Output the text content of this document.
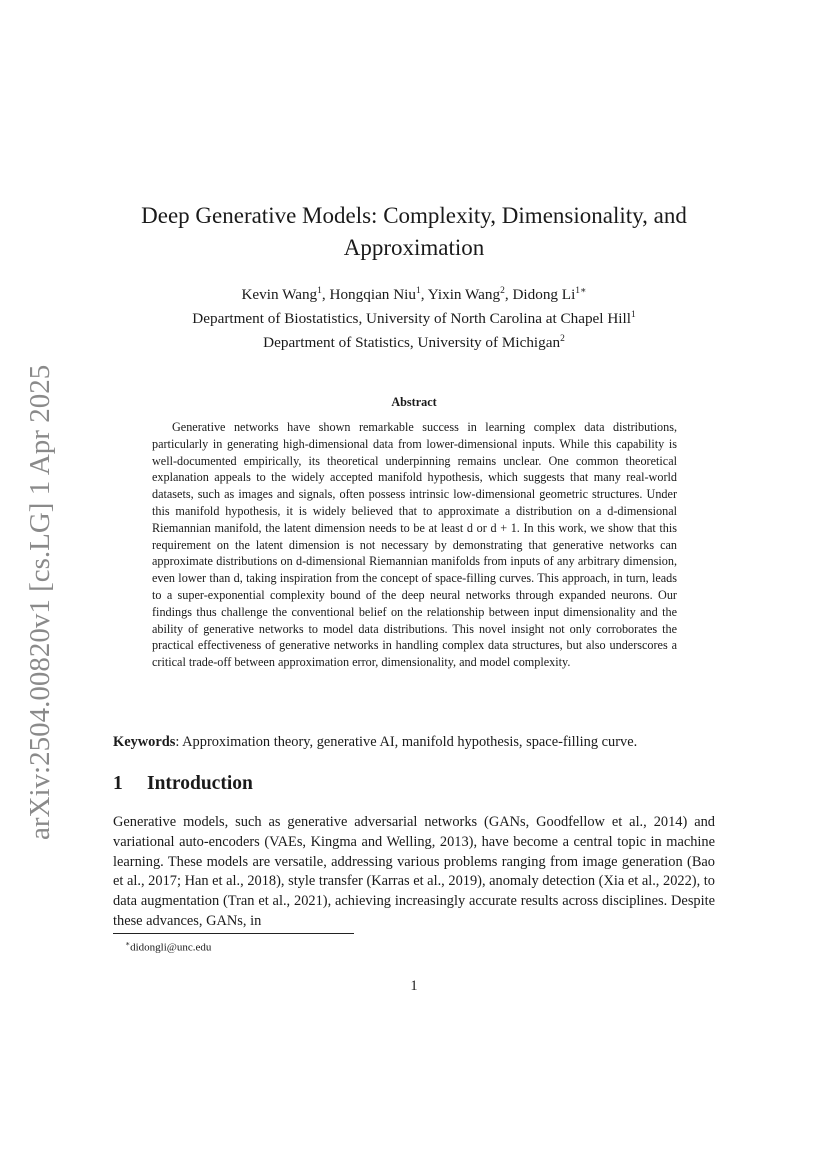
arXiv:2504.00820v1 [cs.LG] 1 Apr 2025
Deep Generative Models: Complexity, Dimensionality, and Approximation
Kevin Wang$^1$, Hongqian Niu$^1$, Yixin Wang$^2$, Didong $Li^{1∗}$
Department of Biostatistics, University of North Carolina at Chapel Hill$^1$
Department of Statistics, University of Michigan$^2$
Abstract

Generative networks have shown remarkable success in learning complex data distributions, particularly in generating high-dimensional data from lower-dimensional inputs. While this capability is well-documented empirically, its theoretical underpinning remains unclear. One common theoretical explanation appeals to the widely accepted manifold hypothesis, which suggests that many real-world datasets, such as images and signals, often possess intrinsic low-dimensional geometric structures. Under this manifold hypothesis, it is widely believed that to approximate a distribution on a d-dimensional Riemannian manifold, the latent dimension needs to be at least d or d + 1. In this work, we show that this requirement on the latent dimension is not necessary by demonstrating that generative networks can approximate distributions on d-dimensional Riemannian manifolds from inputs of any arbitrary dimension, even lower than d, taking inspiration from the concept of space-filling curves. This approach, in turn, leads to a super-exponential complexity bound of the deep neural networks through expanded neurons. Our findings thus challenge the conventional belief on the relationship between input dimensionality and the ability of generative networks to model data distributions. This novel insight not only corroborates the practical effectiveness of generative networks in handling complex data structures, but also underscores a critical trade-off between approximation error, dimensionality, and model complexity.

Keywords: Approximation theory, generative AI, manifold hypothesis, space-filling curve.
1 Introduction

Generative models, such as generative adversarial networks (GANs, Goodfellow et al., 2014) and variational auto-encoders (VAEs, Kingma and Welling, 2013), have become a central topic in machine learning. These models are versatile, addressing various problems ranging from image generation (Bao et al., 2017; Han et al., 2018), style transfer (Karras et al., 2019), anomaly detection (Xia et al., 2022), to data augmentation (Tran et al., 2021), achieving increasingly accurate results across disciplines. Despite these advances, GANs, in

∗didongli@unc.edu
1
